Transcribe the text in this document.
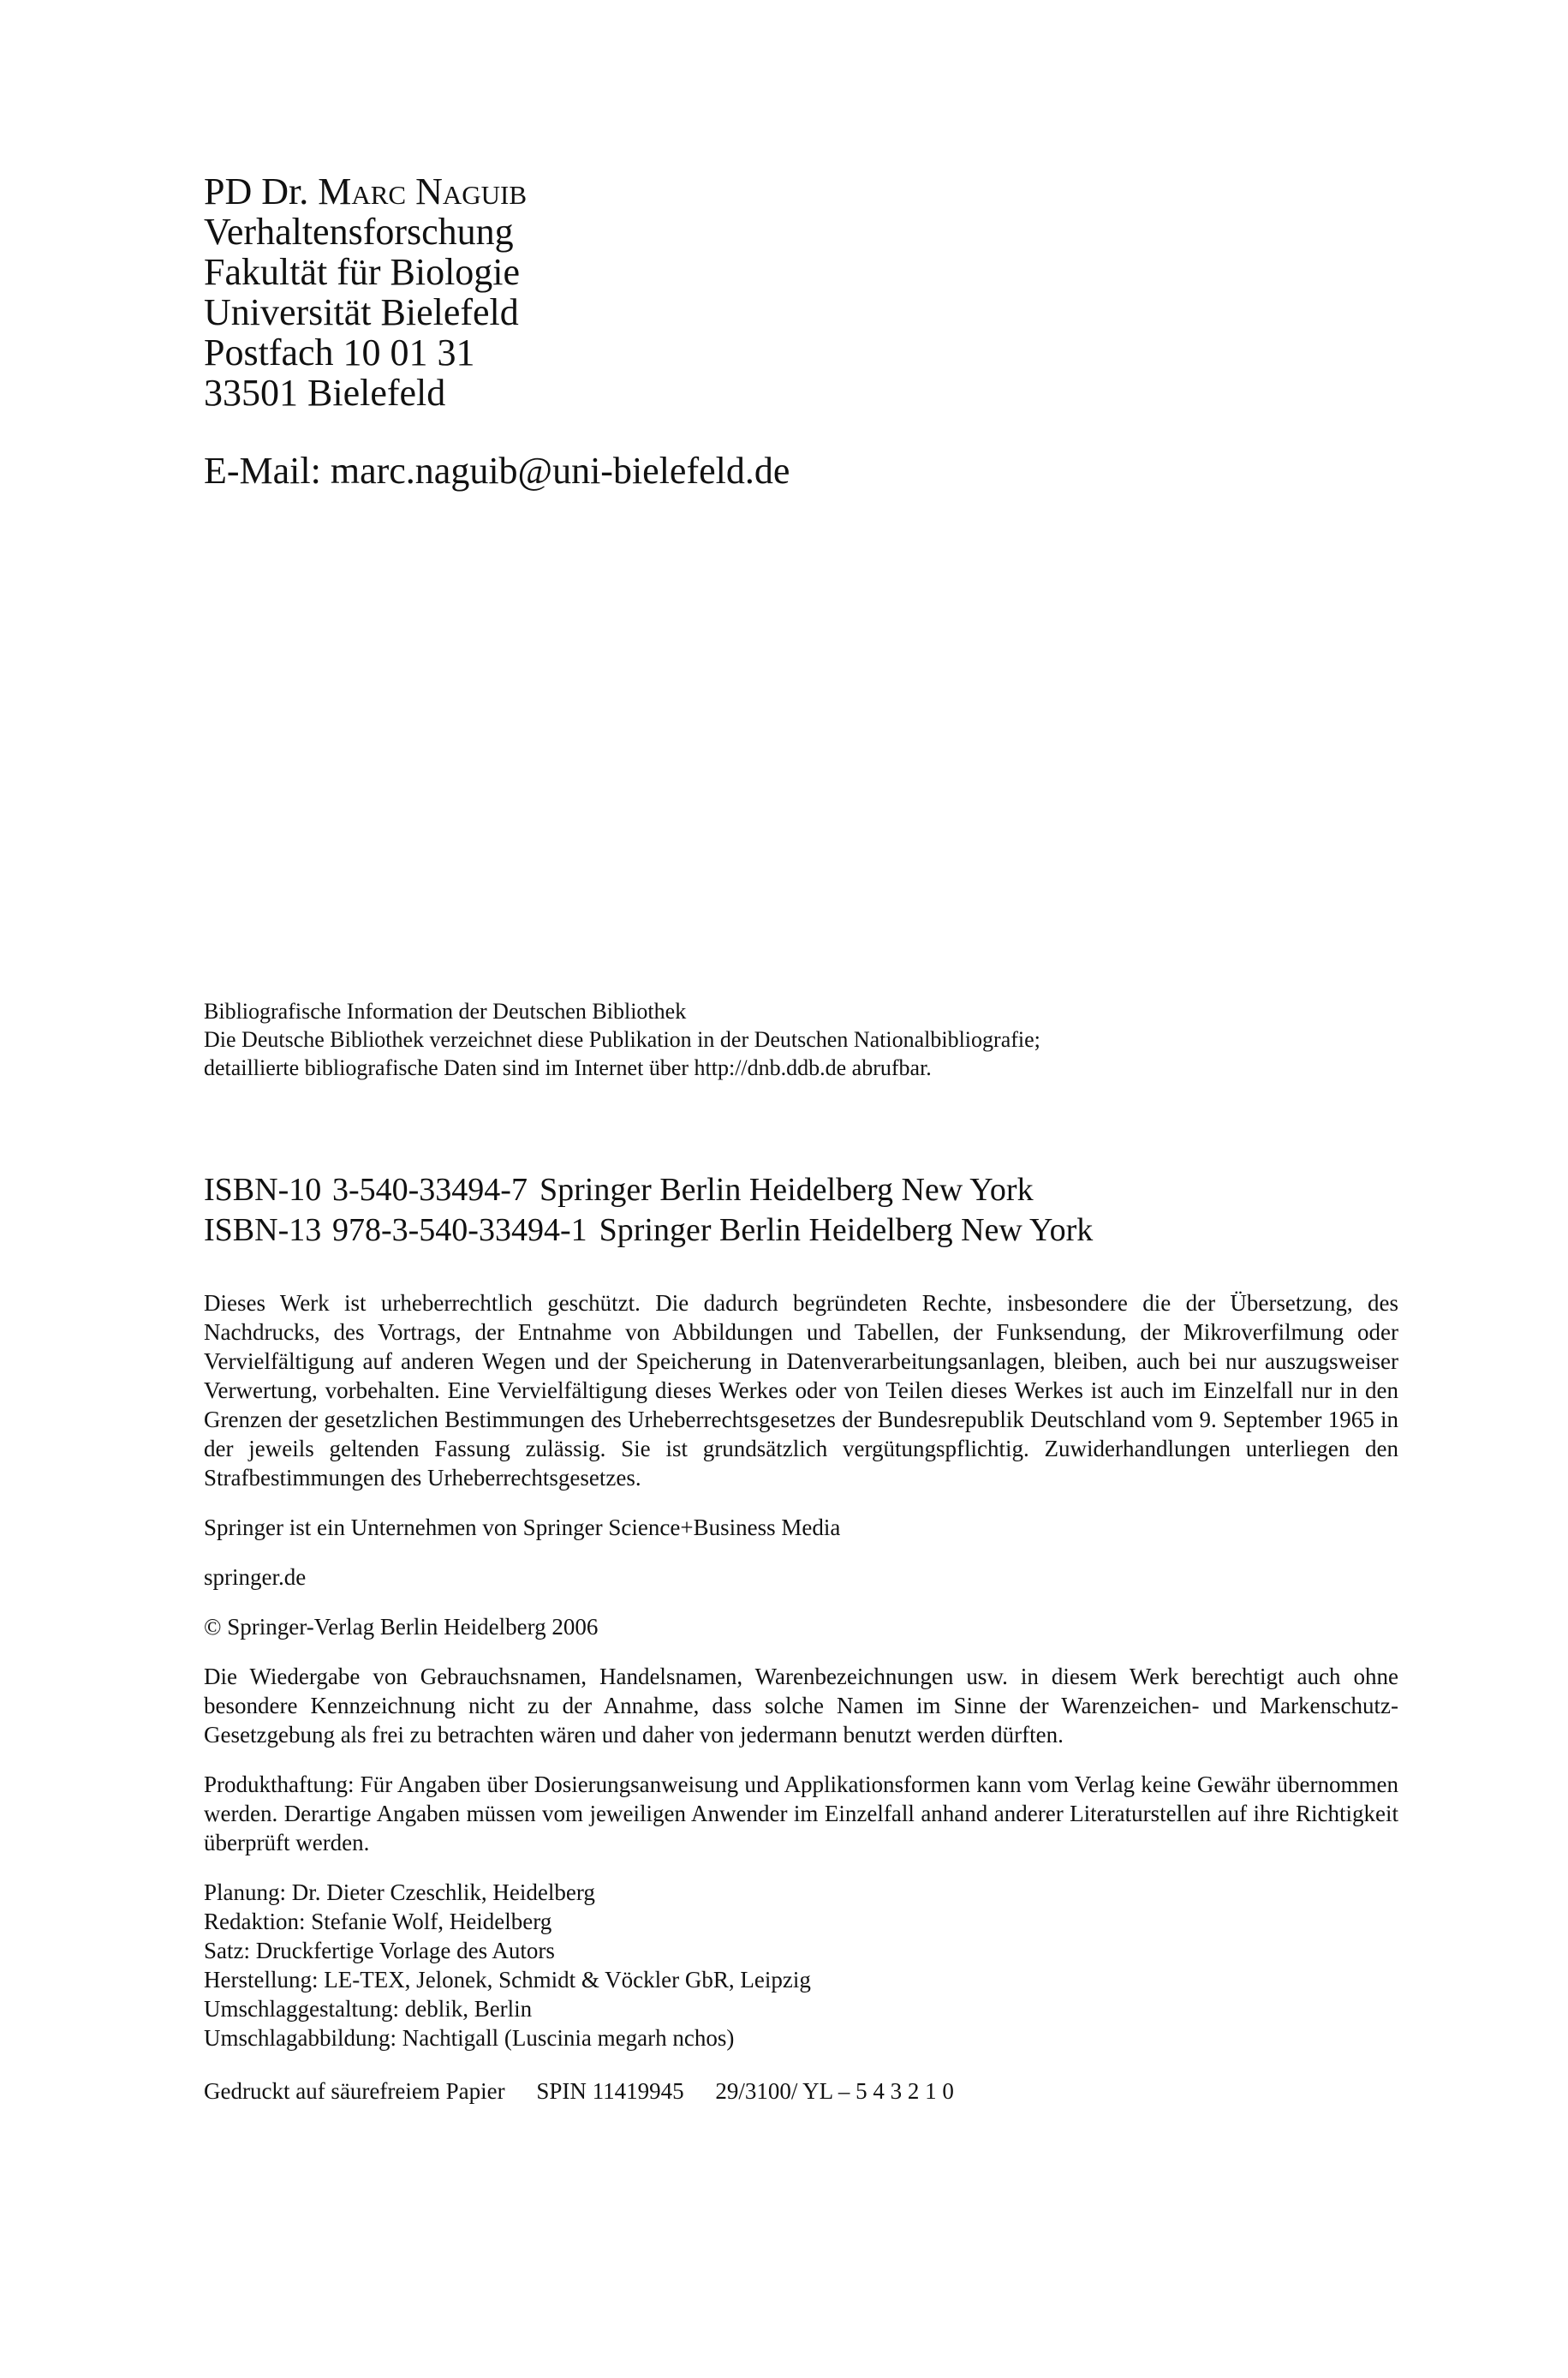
PD Dr. Marc Naguib
Verhaltensforschung
Fakultät für Biologie
Universität Bielefeld
Postfach 10 01 31
33501 Bielefeld
E-Mail: marc.naguib@uni-bielefeld.de
Bibliografische Information der Deutschen Bibliothek
Die Deutsche Bibliothek verzeichnet diese Publikation in der Deutschen Nationalbibliografie;
detaillierte bibliografische Daten sind im Internet über http://dnb.ddb.de abrufbar.
ISBN-10 3-540-33494-7 Springer Berlin Heidelberg New York
ISBN-13 978-3-540-33494-1 Springer Berlin Heidelberg New York

Dieses Werk ist urheberrechtlich geschützt. Die dadurch begründeten Rechte, insbesondere die der Übersetzung, des Nachdrucks, des Vortrags, der Entnahme von Abbildungen und Tabellen, der Funksendung, der Mikroverfilmung oder Vervielfältigung auf anderen Wegen und der Speicherung in Datenverarbeitungsanlagen, bleiben, auch bei nur auszugsweiser Verwertung, vorbehalten. Eine Vervielfältigung dieses Werkes oder von Teilen dieses Werkes ist auch im Einzelfall nur in den Grenzen der gesetzlichen Bestimmungen des Urheberrechtsgesetzes der Bundesrepublik Deutschland vom 9. September 1965 in der jeweils geltenden Fassung zulässig. Sie ist grundsätzlich vergütungspflichtig. Zuwiderhandlungen unterliegen den Strafbestimmungen des Urheberrechtsgesetzes.

Springer ist ein Unternehmen von Springer Science+Business Media

springer.de

© Springer-Verlag Berlin Heidelberg 2006

Die Wiedergabe von Gebrauchsnamen, Handelsnamen, Warenbezeichnungen usw. in diesem Werk berechtigt auch ohne besondere Kennzeichnung nicht zu der Annahme, dass solche Namen im Sinne der Warenzeichen- und Markenschutz-Gesetzgebung als frei zu betrachten wären und daher von jedermann benutzt werden dürften.

Produkthaftung: Für Angaben über Dosierungsanweisung und Applikationsformen kann vom Verlag keine Gewähr übernommen werden. Derartige Angaben müssen vom jeweiligen Anwender im Einzelfall anhand anderer Literaturstellen auf ihre Richtigkeit überprüft werden.

Planung: Dr. Dieter Czeschlik, Heidelberg
Redaktion: Stefanie Wolf, Heidelberg
Satz: Druckfertige Vorlage des Autors
Herstellung: LE-TEX, Jelonek, Schmidt & Vöckler GbR, Leipzig
Umschlaggestaltung: deblik, Berlin
Umschlagabbildung: Nachtigall (Luscinia megarh nchos)
Gedruckt auf säurefreiem Papier SPIN 11419945 29/3100/ YL – 5 4 3 2 1 0
